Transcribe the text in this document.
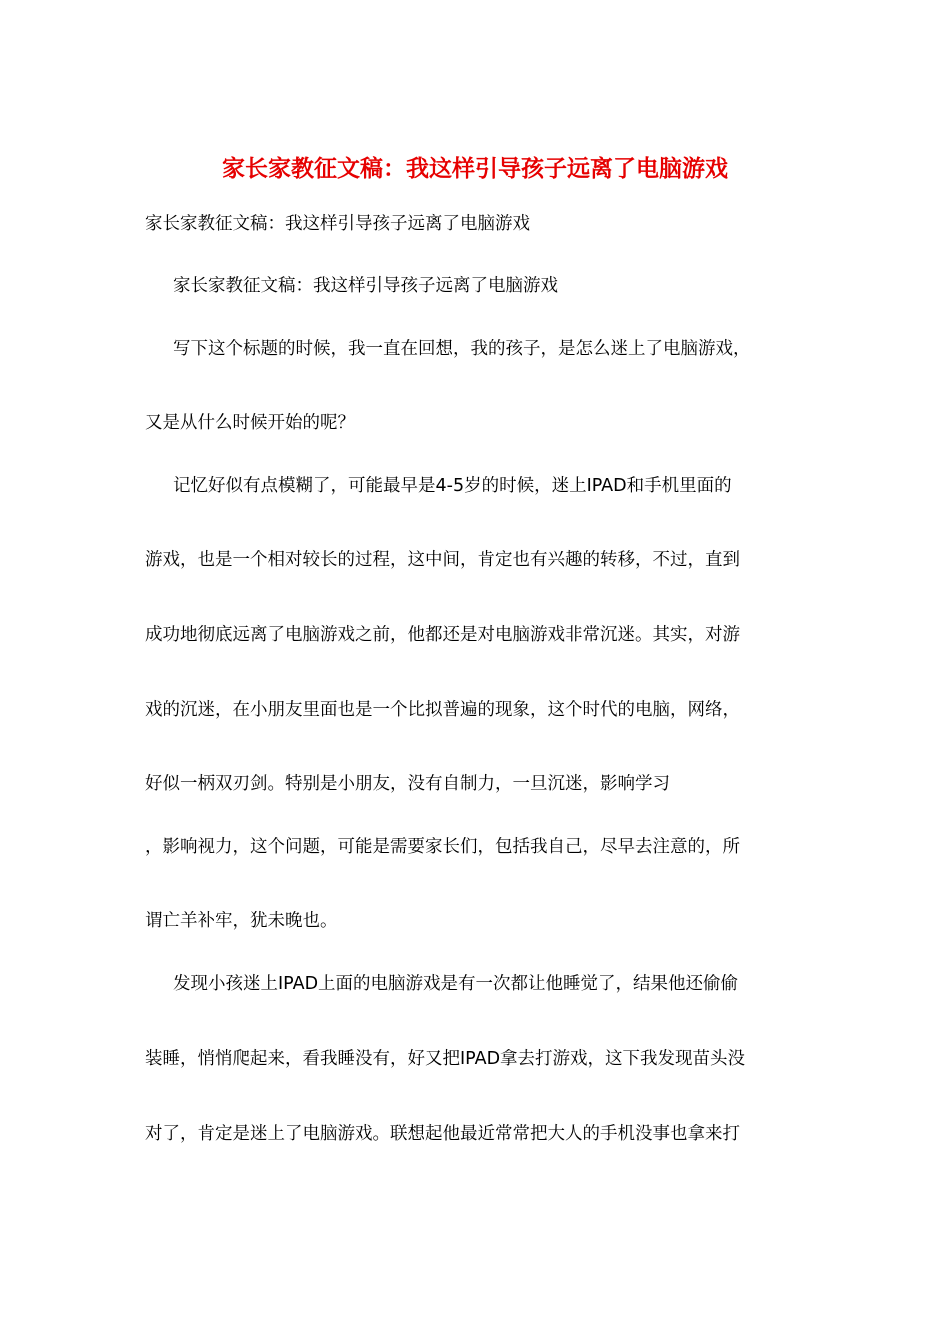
家长家教征文稿：我这样引导孩子远离了电脑游戏
家长家教征文稿：我这样引导孩子远离了电脑游戏
家长家教征文稿：我这样引导孩子远离了电脑游戏
写下这个标题的时候，我一直在回想，我的孩子，是怎么迷上了电脑游戏，
又是从什么时候开始的呢？
记忆好似有点模糊了，可能最早是4-5岁的时候，迷上IPAD和手机里面的
游戏，也是一个相对较长的过程，这中间，肯定也有兴趣的转移，不过，直到
成功地彻底远离了电脑游戏之前，他都还是对电脑游戏非常沉迷。其实，对游
戏的沉迷，在小朋友里面也是一个比拟普遍的现象，这个时代的电脑，网络，
好似一柄双刃剑。特别是小朋友，没有自制力，一旦沉迷，影响学习
，影响视力，这个问题，可能是需要家长们，包括我自己，尽早去注意的，所
谓亡羊补牢，犹未晚也。
发现小孩迷上IPAD上面的电脑游戏是有一次都让他睡觉了，结果他还偷偷
装睡，悄悄爬起来，看我睡没有，好又把IPAD拿去打游戏，这下我发现苗头没
对了，肯定是迷上了电脑游戏。联想起他最近常常把大人的手机没事也拿来打
